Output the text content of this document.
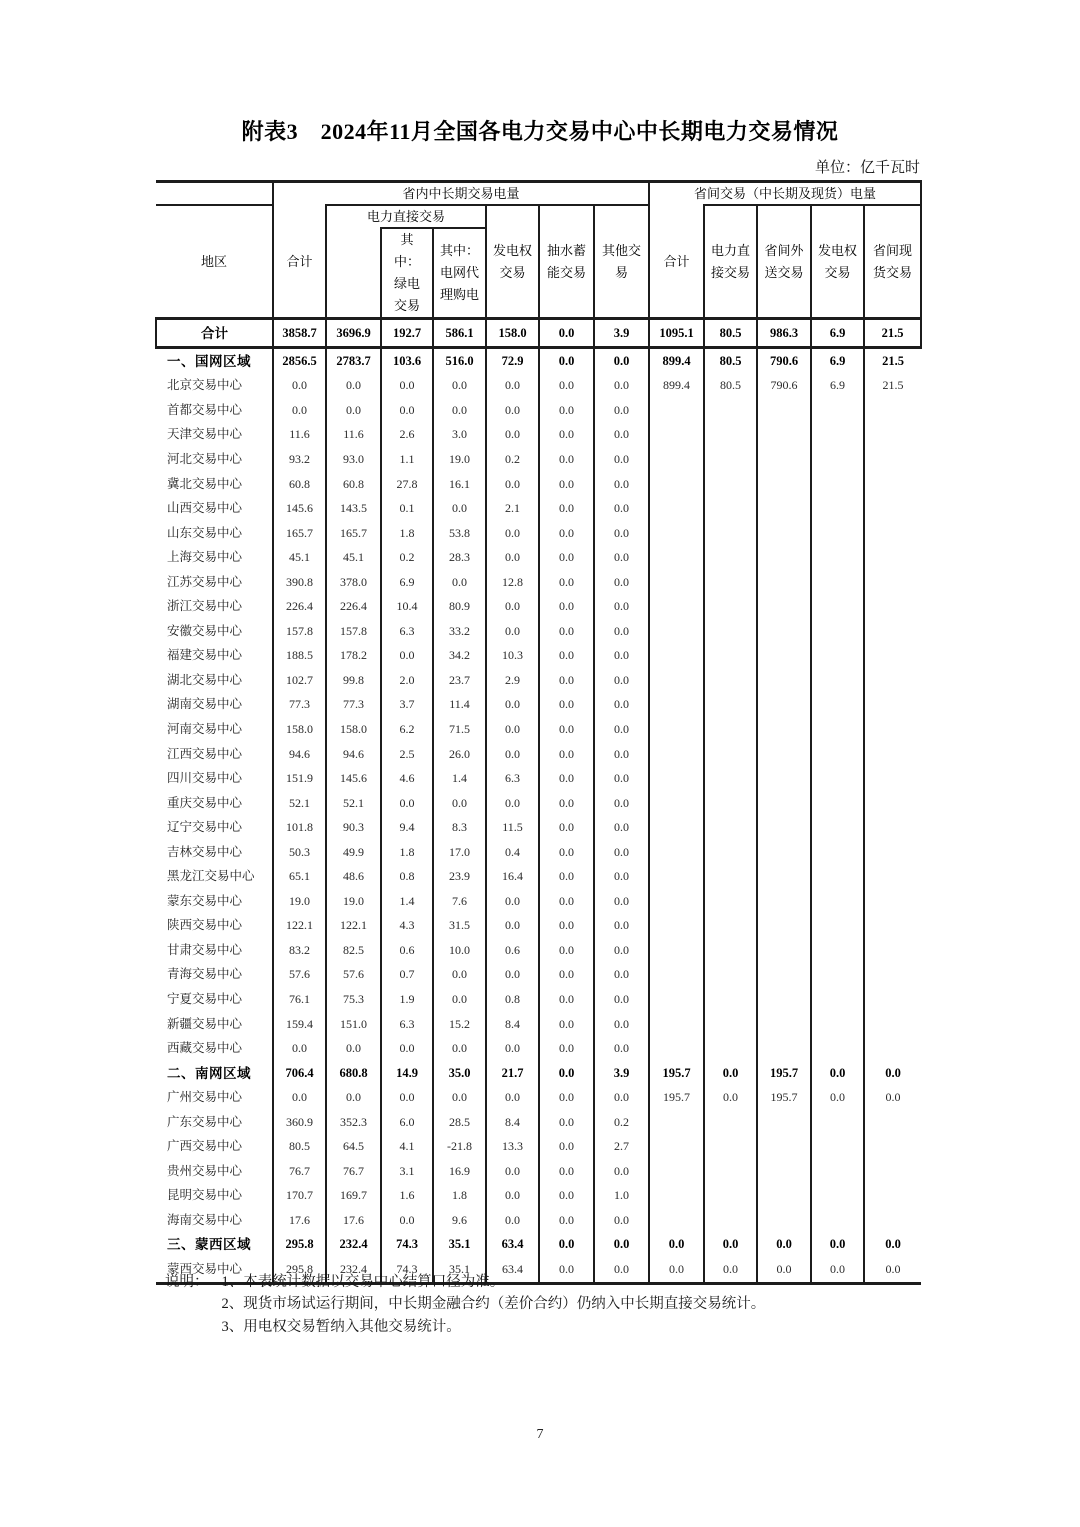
附表3　2024年11月全国各电力交易中心中长期电力交易情况
单位：亿千瓦时
	省内中长期交易电量							省间交易（中长期及现货）电量				
地区	合计	电力直接交易			发电权交易	抽水蓄能交易	其他交易	合计	电力直接交易	省间外送交易	发电权交易	省间现货交易
			其中：绿电交易	其中：电网代理购电								
合计	3858.7	3696.9	192.7	586.1	158.0	0.0	3.9	1095.1	80.5	986.3	6.9	21.5
一、国网区域	2856.5	2783.7	103.6	516.0	72.9	0.0	0.0	899.4	80.5	790.6	6.9	21.5
北京交易中心	0.0	0.0	0.0	0.0	0.0	0.0	0.0	899.4	80.5	790.6	6.9	21.5
首都交易中心	0.0	0.0	0.0	0.0	0.0	0.0	0.0					
天津交易中心	11.6	11.6	2.6	3.0	0.0	0.0	0.0					
河北交易中心	93.2	93.0	1.1	19.0	0.2	0.0	0.0					
冀北交易中心	60.8	60.8	27.8	16.1	0.0	0.0	0.0					
山西交易中心	145.6	143.5	0.1	0.0	2.1	0.0	0.0					
山东交易中心	165.7	165.7	1.8	53.8	0.0	0.0	0.0					
上海交易中心	45.1	45.1	0.2	28.3	0.0	0.0	0.0					
江苏交易中心	390.8	378.0	6.9	0.0	12.8	0.0	0.0					
浙江交易中心	226.4	226.4	10.4	80.9	0.0	0.0	0.0					
安徽交易中心	157.8	157.8	6.3	33.2	0.0	0.0	0.0					
福建交易中心	188.5	178.2	0.0	34.2	10.3	0.0	0.0					
湖北交易中心	102.7	99.8	2.0	23.7	2.9	0.0	0.0					
湖南交易中心	77.3	77.3	3.7	11.4	0.0	0.0	0.0					
河南交易中心	158.0	158.0	6.2	71.5	0.0	0.0	0.0					
江西交易中心	94.6	94.6	2.5	26.0	0.0	0.0	0.0					
四川交易中心	151.9	145.6	4.6	1.4	6.3	0.0	0.0					
重庆交易中心	52.1	52.1	0.0	0.0	0.0	0.0	0.0					
辽宁交易中心	101.8	90.3	9.4	8.3	11.5	0.0	0.0					
吉林交易中心	50.3	49.9	1.8	17.0	0.4	0.0	0.0					
黑龙江交易中心	65.1	48.6	0.8	23.9	16.4	0.0	0.0					
蒙东交易中心	19.0	19.0	1.4	7.6	0.0	0.0	0.0					
陕西交易中心	122.1	122.1	4.3	31.5	0.0	0.0	0.0					
甘肃交易中心	83.2	82.5	0.6	10.0	0.6	0.0	0.0					
青海交易中心	57.6	57.6	0.7	0.0	0.0	0.0	0.0					
宁夏交易中心	76.1	75.3	1.9	0.0	0.8	0.0	0.0					
新疆交易中心	159.4	151.0	6.3	15.2	8.4	0.0	0.0					
西藏交易中心	0.0	0.0	0.0	0.0	0.0	0.0	0.0					
二、南网区域	706.4	680.8	14.9	35.0	21.7	0.0	3.9	195.7	0.0	195.7	0.0	0.0
广州交易中心	0.0	0.0	0.0	0.0	0.0	0.0	0.0	195.7	0.0	195.7	0.0	0.0
广东交易中心	360.9	352.3	6.0	28.5	8.4	0.0	0.2					
广西交易中心	80.5	64.5	4.1	-21.8	13.3	0.0	2.7					
贵州交易中心	76.7	76.7	3.1	16.9	0.0	0.0	0.0					
昆明交易中心	170.7	169.7	1.6	1.8	0.0	0.0	1.0					
海南交易中心	17.6	17.6	0.0	9.6	0.0	0.0	0.0					
三、蒙西区域	295.8	232.4	74.3	35.1	63.4	0.0	0.0	0.0	0.0	0.0	0.0	0.0
蒙西交易中心	295.8	232.4	74.3	35.1	63.4	0.0	0.0	0.0	0.0	0.0	0.0	0.0
说明： 1、本表统计数据以交易中心结算口径为准。
2、现货市场试运行期间，中长期金融合约（差价合约）仍纳入中长期直接交易统计。
3、用电权交易暂纳入其他交易统计。
7
